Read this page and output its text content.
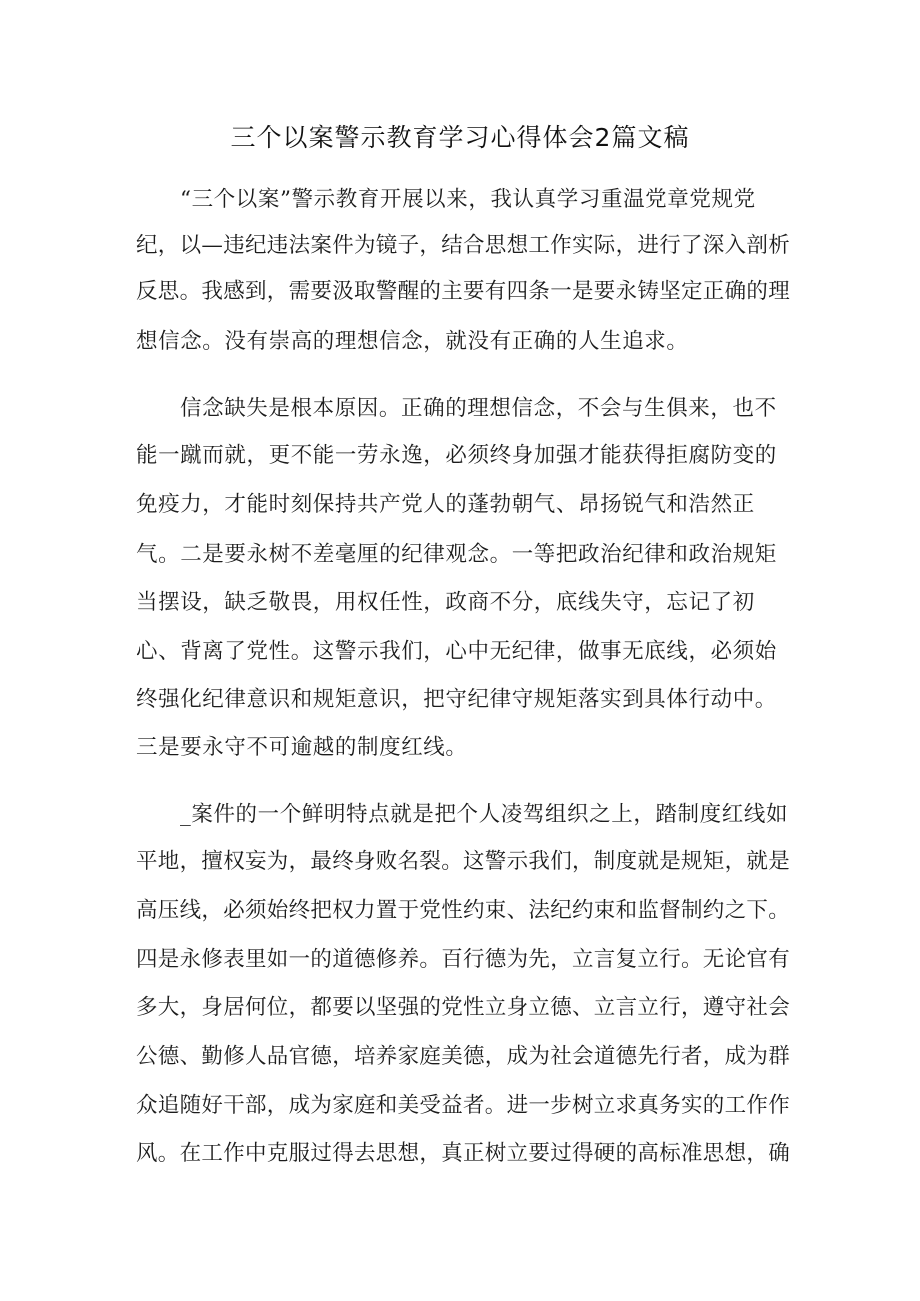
三个以案警示教育学习心得体会2篇文稿
“三个以案”警示教育开展以来，我认真学习重温党章党规党
纪，以—违纪违法案件为镜子，结合思想工作实际，进行了深入剖析
反思。我感到，需要汲取警醒的主要有四条一是要永铸坚定正确的理
想信念。没有崇高的理想信念，就没有正确的人生追求。
信念缺失是根本原因。正确的理想信念，不会与生俱来，也不
能一蹴而就，更不能一劳永逸，必须终身加强才能获得拒腐防变的
免疫力，才能时刻保持共产党人的蓬勃朝气、昂扬锐气和浩然正
气。二是要永树不差毫厘的纪律观念。一等把政治纪律和政治规矩
当摆设，缺乏敬畏，用权任性，政商不分，底线失守，忘记了初
心、背离了党性。这警示我们，心中无纪律，做事无底线，必须始
终强化纪律意识和规矩意识，把守纪律守规矩落实到具体行动中。
三是要永守不可逾越的制度红线。
_案件的一个鲜明特点就是把个人凌驾组织之上，踏制度红线如
平地，擅权妄为，最终身败名裂。这警示我们，制度就是规矩，就是
高压线，必须始终把权力置于党性约束、法纪约束和监督制约之下。
四是永修表里如一的道德修养。百行德为先，立言复立行。无论官有
多大，身居何位，都要以坚强的党性立身立德、立言立行，遵守社会
公德、勤修人品官德，培养家庭美德，成为社会道德先行者，成为群
众追随好干部，成为家庭和美受益者。进一步树立求真务实的工作作
风。在工作中克服过得去思想，真正树立要过得硬的高标准思想，确
